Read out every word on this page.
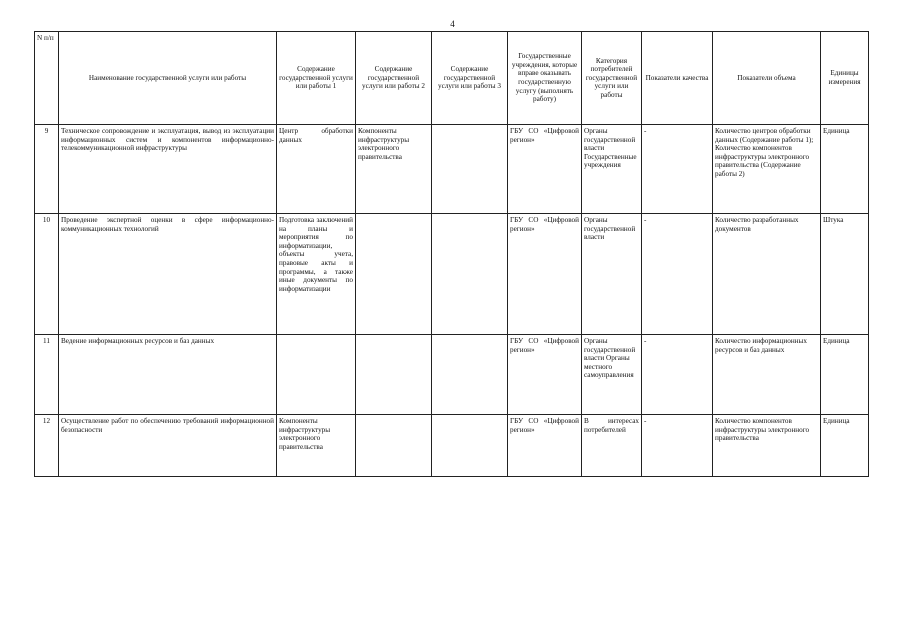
4
N п/п	Наименование государственной услуги или работы	Содержание государственной услуги или работы 1	Содержание государственной услуги или работы 2	Содержание государственной услуги или работы 3	Государственные учреждения, которые вправе оказывать государственную услугу (выполнять работу)	Категория потребителей государственной услуги или работы	Показатели качества	Показатели объема	Единицы измерения
9	Техническое сопровождение и эксплуатация, вывод из эксплуатации информационных систем и компонентов информационно-телекоммуникационной инфраструктуры	Центр обработки данных	Компоненты инфраструктуры электронного правительства		ГБУ СО «Цифровой регион»	Органы государственной власти Государственные учреждения	-	Количество центров обработки данных (Содержание работы 1); Количество компонентов инфраструктуры электронного правительства (Содержание работы 2)	Единица
10	Проведение экспертной оценки в сфере информационно-коммуникационных технологий	Подготовка заключений на планы и мероприятия по информатизации, объекты учета, правовые акты и программы, а также иные документы по информатизации			ГБУ СО «Цифровой регион»	Органы государственной власти	-	Количество разработанных документов	Штука
11	Ведение информационных ресурсов и баз данных				ГБУ СО «Цифровой регион»	Органы государственной власти Органы местного самоуправления	-	Количество информационных ресурсов и баз данных	Единица
12	Осуществление работ по обеспечению требований информационной безопасности	Компоненты инфраструктуры электронного правительства			ГБУ СО «Цифровой регион»	В интересах потребителей	-	Количество компонентов инфраструктуры электронного правительства	Единица
